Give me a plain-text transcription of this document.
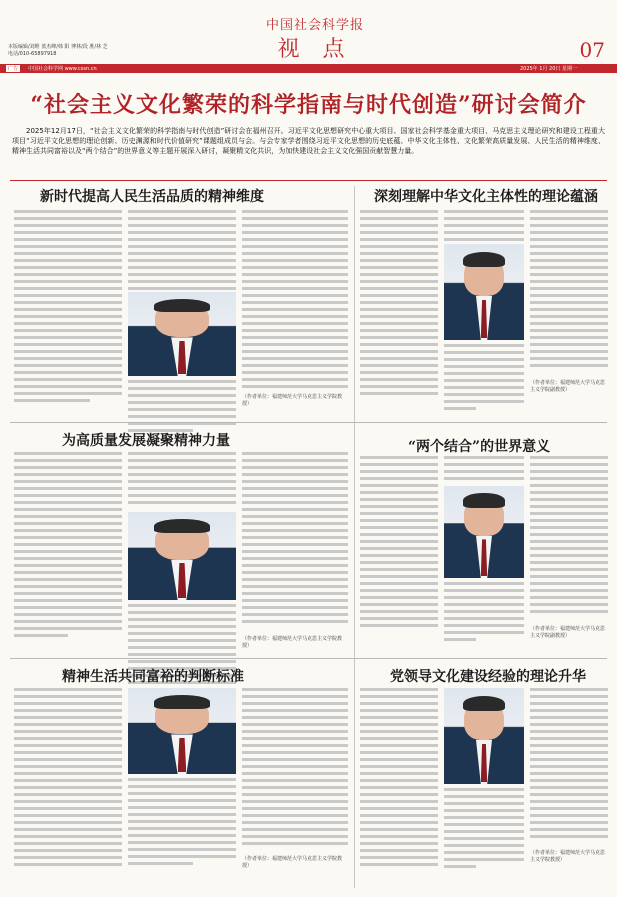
本版编辑/刘维 蓝杰峰/韩 阳 博林/段 胜/林 芝
电话/010-65897918
中国社会科学报
视 点	07
广告	中国社会科学网 www.cssn.cn	2025年 1月 20日 星期一
“社会主义文化繁荣的科学指南与时代创造”研讨会简介
2025年12月17日，“社会主义文化繁荣的科学指南与时代创造”研讨会在福州召开。习近平文化思想研究中心重大项目、国家社会科学基金重大项目、马克思主义理论研究和建设工程重大项目“习近平文化思想的理论创新、历史渊源和时代价值研究”课题组成员与会。与会专家学者围绕习近平文化思想的历史底蕴、中华文化主体性、文化繁荣高质量发展、人民生活的精神维度、精神生活共同富裕以及“两个结合”的世界意义等主题开展深入研讨，凝聚精文化共识，为加快建设社会主义文化强国贡献智慧力量。
新时代提高人民生活品质的精神维度
（作者单位：福建师范大学马克思主义学院教授）
深刻理解中华文化主体性的理论蕴涵
（作者单位：福建师范大学马克思主义学院副教授）
为高质量发展凝聚精神力量
（作者单位：福建师范大学马克思主义学院教授）
“两个结合”的世界意义
（作者单位：福建师范大学马克思主义学院副教授）
精神生活共同富裕的判断标准
（作者单位：福建师范大学马克思主义学院教授）
党领导文化建设经验的理论升华
（作者单位：福建师范大学马克思主义学院教授）
